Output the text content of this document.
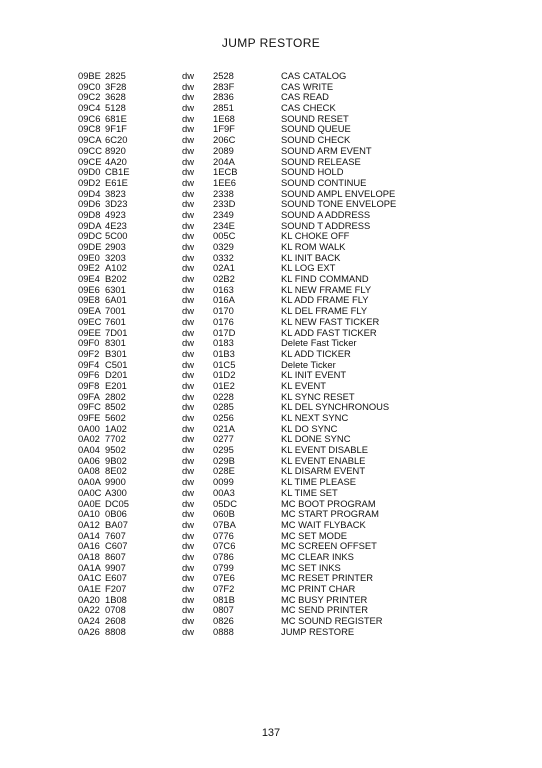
JUMP RESTORE
09BE 2825	dw 2528	CAS CATALOG
09C0 3F28	dw 283F	CAS WRITE
09C2 3628	dw 2836	CAS READ
09C4 5128	dw 2851	CAS CHECK
09C6 681E	dw 1E68	SOUND RESET
09C8 9F1F	dw 1F9F	SOUND QUEUE
09CA 6C20	dw 206C	SOUND CHECK
09CC 8920	dw 2089	SOUND ARM EVENT
09CE 4A20	dw 204A	SOUND RELEASE
09D0 CB1E	dw 1ECB	SOUND HOLD
09D2 E61E	dw 1EE6	SOUND CONTINUE
09D4 3823	dw 2338	SOUND AMPL ENVELOPE
09D6 3D23	dw 233D	SOUND TONE ENVELOPE
09D8 4923	dw 2349	SOUND A ADDRESS
09DA 4E23	dw 234E	SOUND T ADDRESS
09DC 5C00	dw 005C	KL CHOKE OFF
09DE 2903	dw 0329	KL ROM WALK
09E0 3203	dw 0332	KL INIT BACK
09E2 A102	dw 02A1	KL LOG EXT
09E4 B202	dw 02B2	KL FIND COMMAND
09E6 6301	dw 0163	KL NEW FRAME FLY
09E8 6A01	dw 016A	KL ADD FRAME FLY
09EA 7001	dw 0170	KL DEL FRAME FLY
09EC 7601	dw 0176	KL NEW FAST TICKER
09EE 7D01	dw 017D	KL ADD FAST TICKER
09F0 8301	dw 0183	Delete Fast Ticker
09F2 B301	dw 01B3	KL ADD TICKER
09F4 C501	dw 01C5	Delete Ticker
09F6 D201	dw 01D2	KL INIT EVENT
09F8 E201	dw 01E2	KL EVENT
09FA 2802	dw 0228	KL SYNC RESET
09FC 8502	dw 0285	KL DEL SYNCHRONOUS
09FE 5602	dw 0256	KL NEXT SYNC
0A00 1A02	dw 021A	KL DO SYNC
0A02 7702	dw 0277	KL DONE SYNC
0A04 9502	dw 0295	KL EVENT DISABLE
0A06 9B02	dw 029B	KL EVENT ENABLE
0A08 8E02	dw 028E	KL DISARM EVENT
0A0A 9900	dw 0099	KL TIME PLEASE
0A0C A300	dw 00A3	KL TIME SET
0A0E DC05	dw 05DC	MC BOOT PROGRAM
0A10 0B06	dw 060B	MC START PROGRAM
0A12 BA07	dw 07BA	MC WAIT FLYBACK
0A14 7607	dw 0776	MC SET MODE
0A16 C607	dw 07C6	MC SCREEN OFFSET
0A18 8607	dw 0786	MC CLEAR INKS
0A1A 9907	dw 0799	MC SET INKS
0A1C E607	dw 07E6	MC RESET PRINTER
0A1E F207	dw 07F2	MC PRINT CHAR
0A20 1B08	dw 081B	MC BUSY PRINTER
0A22 0708	dw 0807	MC SEND PRINTER
0A24 2608	dw 0826	MC SOUND REGISTER
0A26 8808	dw 0888	JUMP RESTORE
137
